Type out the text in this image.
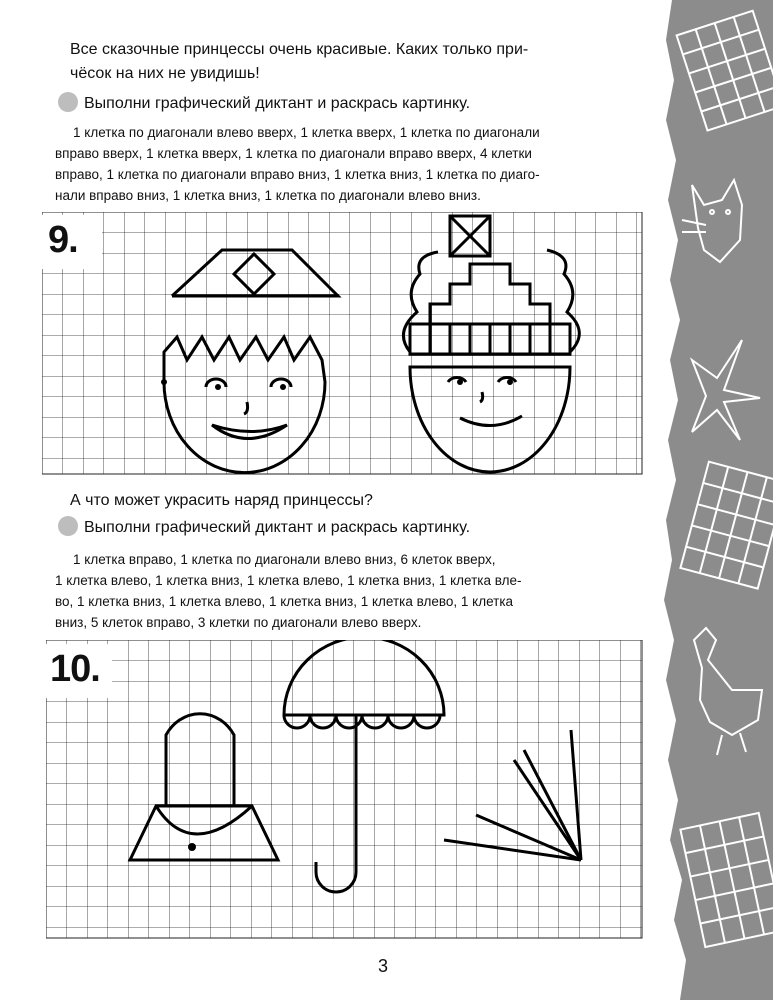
Все сказочные принцессы очень красивые. Каких только при-
чёсок на них не увидишь!

Выполни графический диктант и раскрась картинку.

1 клетка по диагонали влево вверх, 1 клетка вверх, 1 клетка по диагонали
вправо вверх, 1 клетка вверх, 1 клетка по диагонали вправо вверх, 4 клетки
вправо, 1 клетка по диагонали вправо вниз, 1 клетка вниз, 1 клетка по диаго-
нали вправо вниз, 1 клетка вниз, 1 клетка по диагонали влево вниз.

9.

А что может украсить наряд принцессы?

Выполни графический диктант и раскрась картинку.

1 клетка вправо, 1 клетка по диагонали влево вниз, 6 клеток вверх,
1 клетка влево, 1 клетка вниз, 1 клетка влево, 1 клетка вниз, 1 клетка вле-
во, 1 клетка вниз, 1 клетка влево, 1 клетка вниз, 1 клетка влево, 1 клетка
вниз, 5 клеток вправо, 3 клетки по диагонали влево вверх.

10.
3
